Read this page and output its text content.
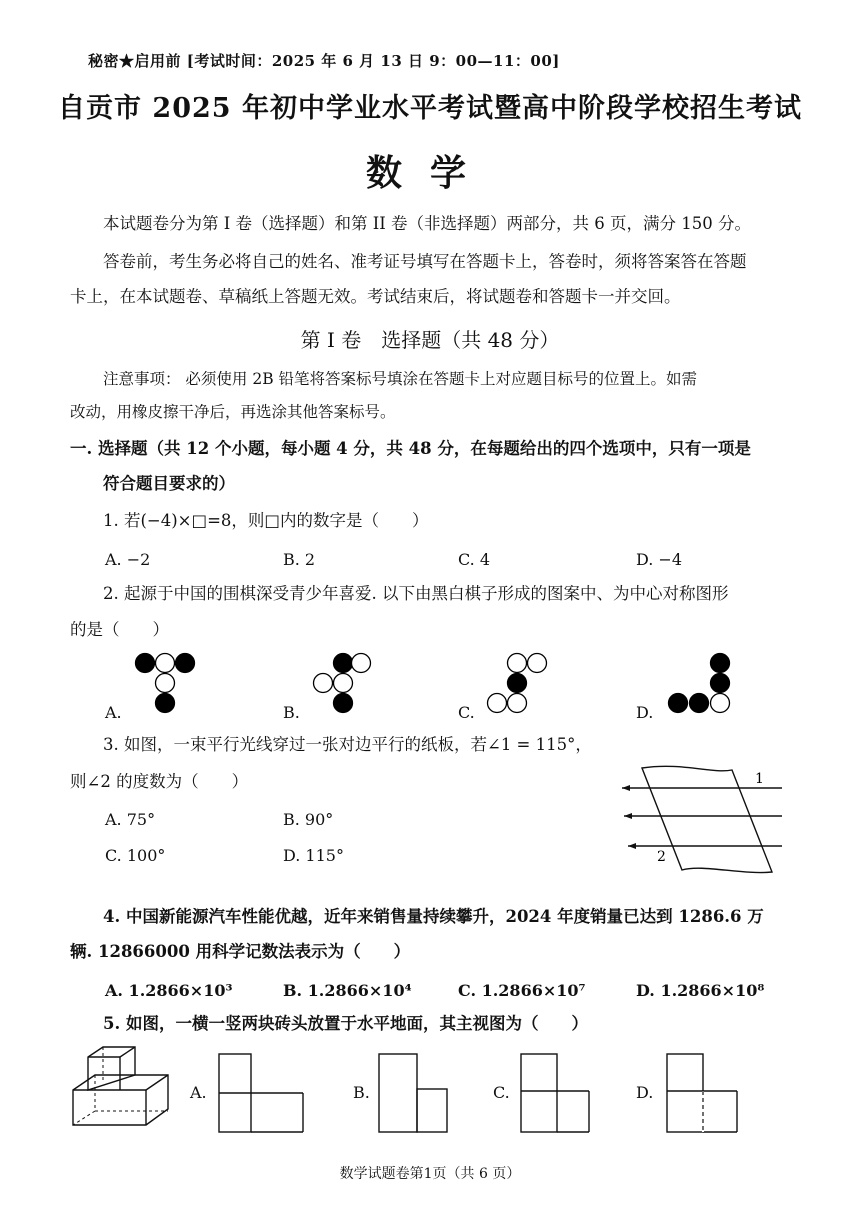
秘密★启用前 [考试时间：2025 年 6 月 13 日 9：00—11：00]
自贡市 2025 年初中学业水平考试暨高中阶段学校招生考试
数学
本试题卷分为第 I 卷（选择题）和第 II 卷（非选择题）两部分，共 6 页，满分 150 分。
答卷前，考生务必将自己的姓名、准考证号填写在答题卡上，答卷时，须将答案答在答题
卡上，在本试题卷、草稿纸上答题无效。考试结束后，将试题卷和答题卡一并交回。
第 I 卷　选择题（共 48 分）
注意事项： 必须使用 2B 铅笔将答案标号填涂在答题卡上对应题目标号的位置上。如需
改动，用橡皮擦干净后，再选涂其他答案标号。
一. 选择题（共 12 个小题，每小题 4 分，共 48 分，在每题给出的四个选项中，只有一项是
符合题目要求的）
1. 若(−4)×□=8，则□内的数字是（　　）
A. −2	B. 2	C. 4	D. −4
2. 起源于中国的围棋深受青少年喜爱. 以下由黑白棋子形成的图案中、为中心对称图形
的是（　　）
A.	B.	C.	D.
3. 如图，一束平行光线穿过一张对边平行的纸板，若∠1 = 115°，
则∠2 的度数为（　　）
A. 75°	B. 90°
C. 100°	D. 115°
1
2
4. 中国新能源汽车性能优越，近年来销售量持续攀升，2024 年度销量已达到 1286.6 万
辆. 12866000 用科学记数法表示为（　　）
A. 1.2866×10³	B. 1.2866×10⁴	C. 1.2866×10⁷	D. 1.2866×10⁸
5. 如图，一横一竖两块砖头放置于水平地面，其主视图为（　　）
A.	B.	C.	D.
数学试题卷第1页（共 6 页）
